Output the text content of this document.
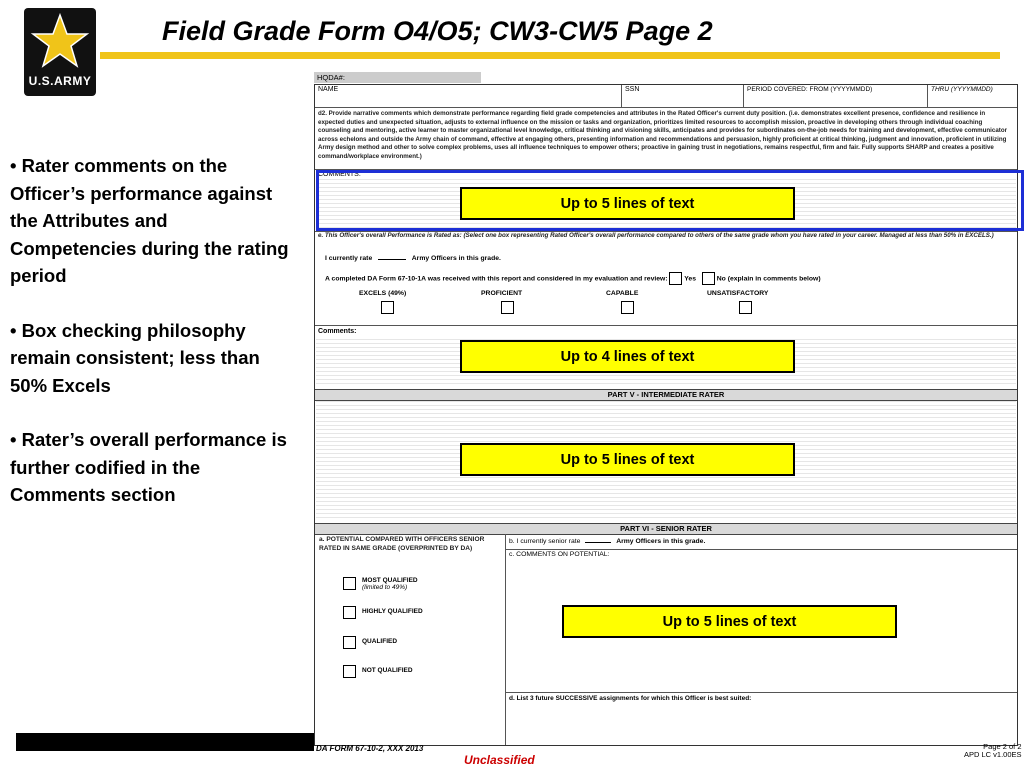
U.S.ARMY
Field Grade Form O4/O5; CW3-CW5 Page 2
• Rater comments on the Officer’s performance against the Attributes and Competencies during the rating period
• Box checking philosophy remain consistent; less than 50% Excels
• Rater’s overall performance is further codified in the Comments section
HQDA#:
NAME	SSN	PERIOD COVERED: FROM (YYYYMMDD)	THRU (YYYYMMDD)
d2. Provide narrative comments which demonstrate performance regarding field grade competencies and attributes in the Rated Officer's current duty position. (i.e. demonstrates excellent presence, confidence and resilience in expected duties and unexpected situation, adjusts to external influence on the mission or tasks and organization, prioritizes limited resources to accomplish mission, proactive in developing others through individual coaching counseling and mentoring, active learner to master organizational level knowledge, critical thinking and visioning skills, anticipates and provides for subordinates on-the-job needs for training and development, effective communicator across echelons and outside the Army chain of command, effective at engaging others, presenting information and recommendations and persuasion, highly proficient at critical thinking, judgment and innovation, proficient in utilizing Army design method and other to solve complex problems, uses all influence techniques to empower others; proactive in gaining trust in negotiations, remains respectful, firm and fair. Fully supports SHARP and creates a positive command/workplace environment.)
COMMENTS:
e. This Officer's overall Performance is Rated as: (Select one box representing Rated Officer's overall performance compared to others of the same grade whom you have rated in your career. Managed at less than 50% in EXCELS.)
I currently rate	Army Officers in this grade.
A completed DA Form 67-10-1A was received with this report and considered in my evaluation and review: Yes	No (explain in comments below)
EXCELS (49%)	PROFICIENT	CAPABLE	UNSATISFACTORY
Comments:
PART V - INTERMEDIATE RATER
PART VI - SENIOR RATER
a. POTENTIAL COMPARED WITH OFFICERS SENIOR RATED IN SAME GRADE (OVERPRINTED BY DA)
b. I currently senior rate	Army Officers in this grade.
c. COMMENTS ON POTENTIAL:
MOST QUALIFIED
(limited to 49%)
HIGHLY QUALIFIED
QUALIFIED
NOT QUALIFIED
d. List 3 future SUCCESSIVE assignments for which this Officer is best suited:
Up to 5 lines of text
Up to 4 lines of text
Up to 5 lines of text
Up to 5 lines of text
DA FORM 67-10-2, XXX 2013	Page 2 of 2
APD LC v1.00ES
Unclassified
